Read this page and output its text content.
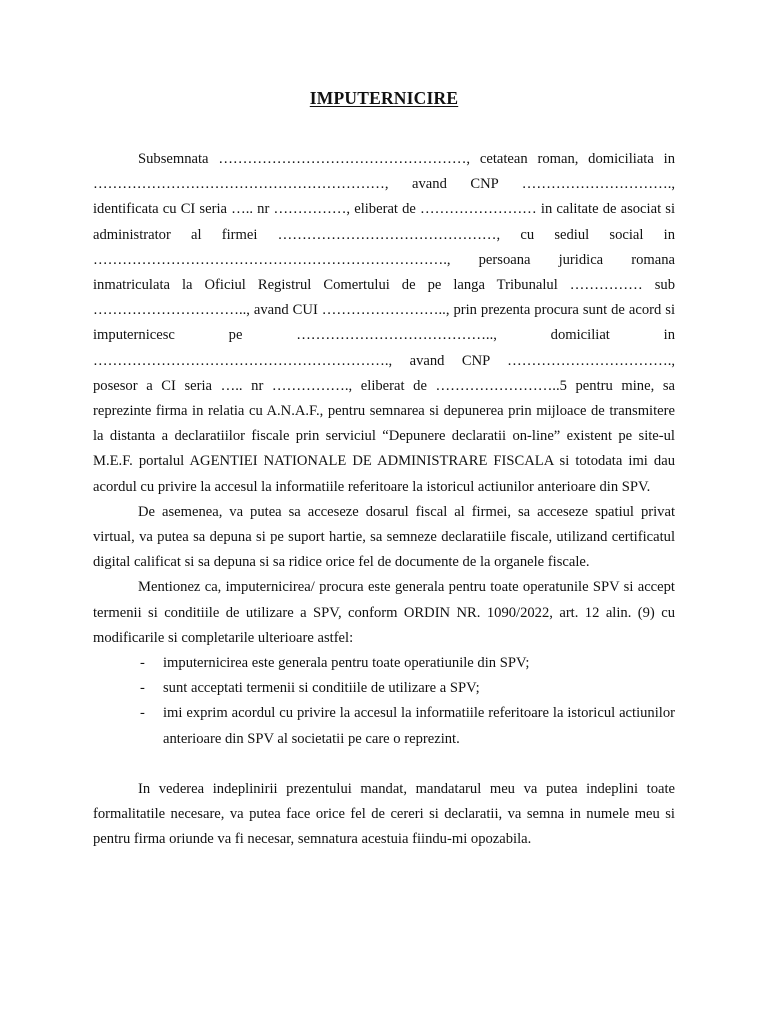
IMPUTERNICIRE

Subsemnata ……………………………………………, cetatean roman, domiciliata in ……………………………………………………, avand CNP …………………………., identificata cu CI seria ….. nr ……………, eliberat de …………………… in calitate de asociat si administrator al firmei ………………………………………, cu sediul social in ………………………………………………………………., persoana juridica romana inmatriculata la Oficiul Registrul Comertului de pe langa Tribunalul …………… sub ………………………….., avand CUI …………………….., prin prezenta procura sunt de acord si imputernicesc pe ………………………………….., domiciliat in ……………………………………………………., avand CNP ……………………………., posesor a CI seria ….. nr ……………., eliberat de ……………………..5 pentru mine, sa reprezinte firma in relatia cu A.N.A.F., pentru semnarea si depunerea prin mijloace de transmitere la distanta a declaratiilor fiscale prin serviciul “Depunere declaratii on-line” existent pe site-ul M.E.F. portalul AGENTIEI NATIONALE DE ADMINISTRARE FISCALA si totodata imi dau acordul cu privire la accesul la informatiile referitoare la istoricul actiunilor anterioare din SPV.

De asemenea, va putea sa acceseze dosarul fiscal al firmei, sa acceseze spatiul privat virtual, va putea sa depuna si pe suport hartie, sa semneze declaratiile fiscale, utilizand certificatul digital calificat si sa depuna si sa ridice orice fel de documente de la organele fiscale.

Mentionez ca, imputernicirea/ procura este generala pentru toate operatunile SPV si accept termenii si conditiile de utilizare a SPV, conform ORDIN NR. 1090/2022, art. 12 alin. (9) cu modificarile si completarile ulterioare astfel:

- imputernicirea este generala pentru toate operatiunile din SPV;
- sunt acceptati termenii si conditiile de utilizare a SPV;
- imi exprim acordul cu privire la accesul la informatiile referitoare la istoricul actiunilor anterioare din SPV al societatii pe care o reprezint.

In vederea indeplinirii prezentului mandat, mandatarul meu va putea indeplini toate formalitatile necesare, va putea face orice fel de cereri si declaratii, va semna in numele meu si pentru firma oriunde va fi necesar, semnatura acestuia fiindu-mi opozabila.
